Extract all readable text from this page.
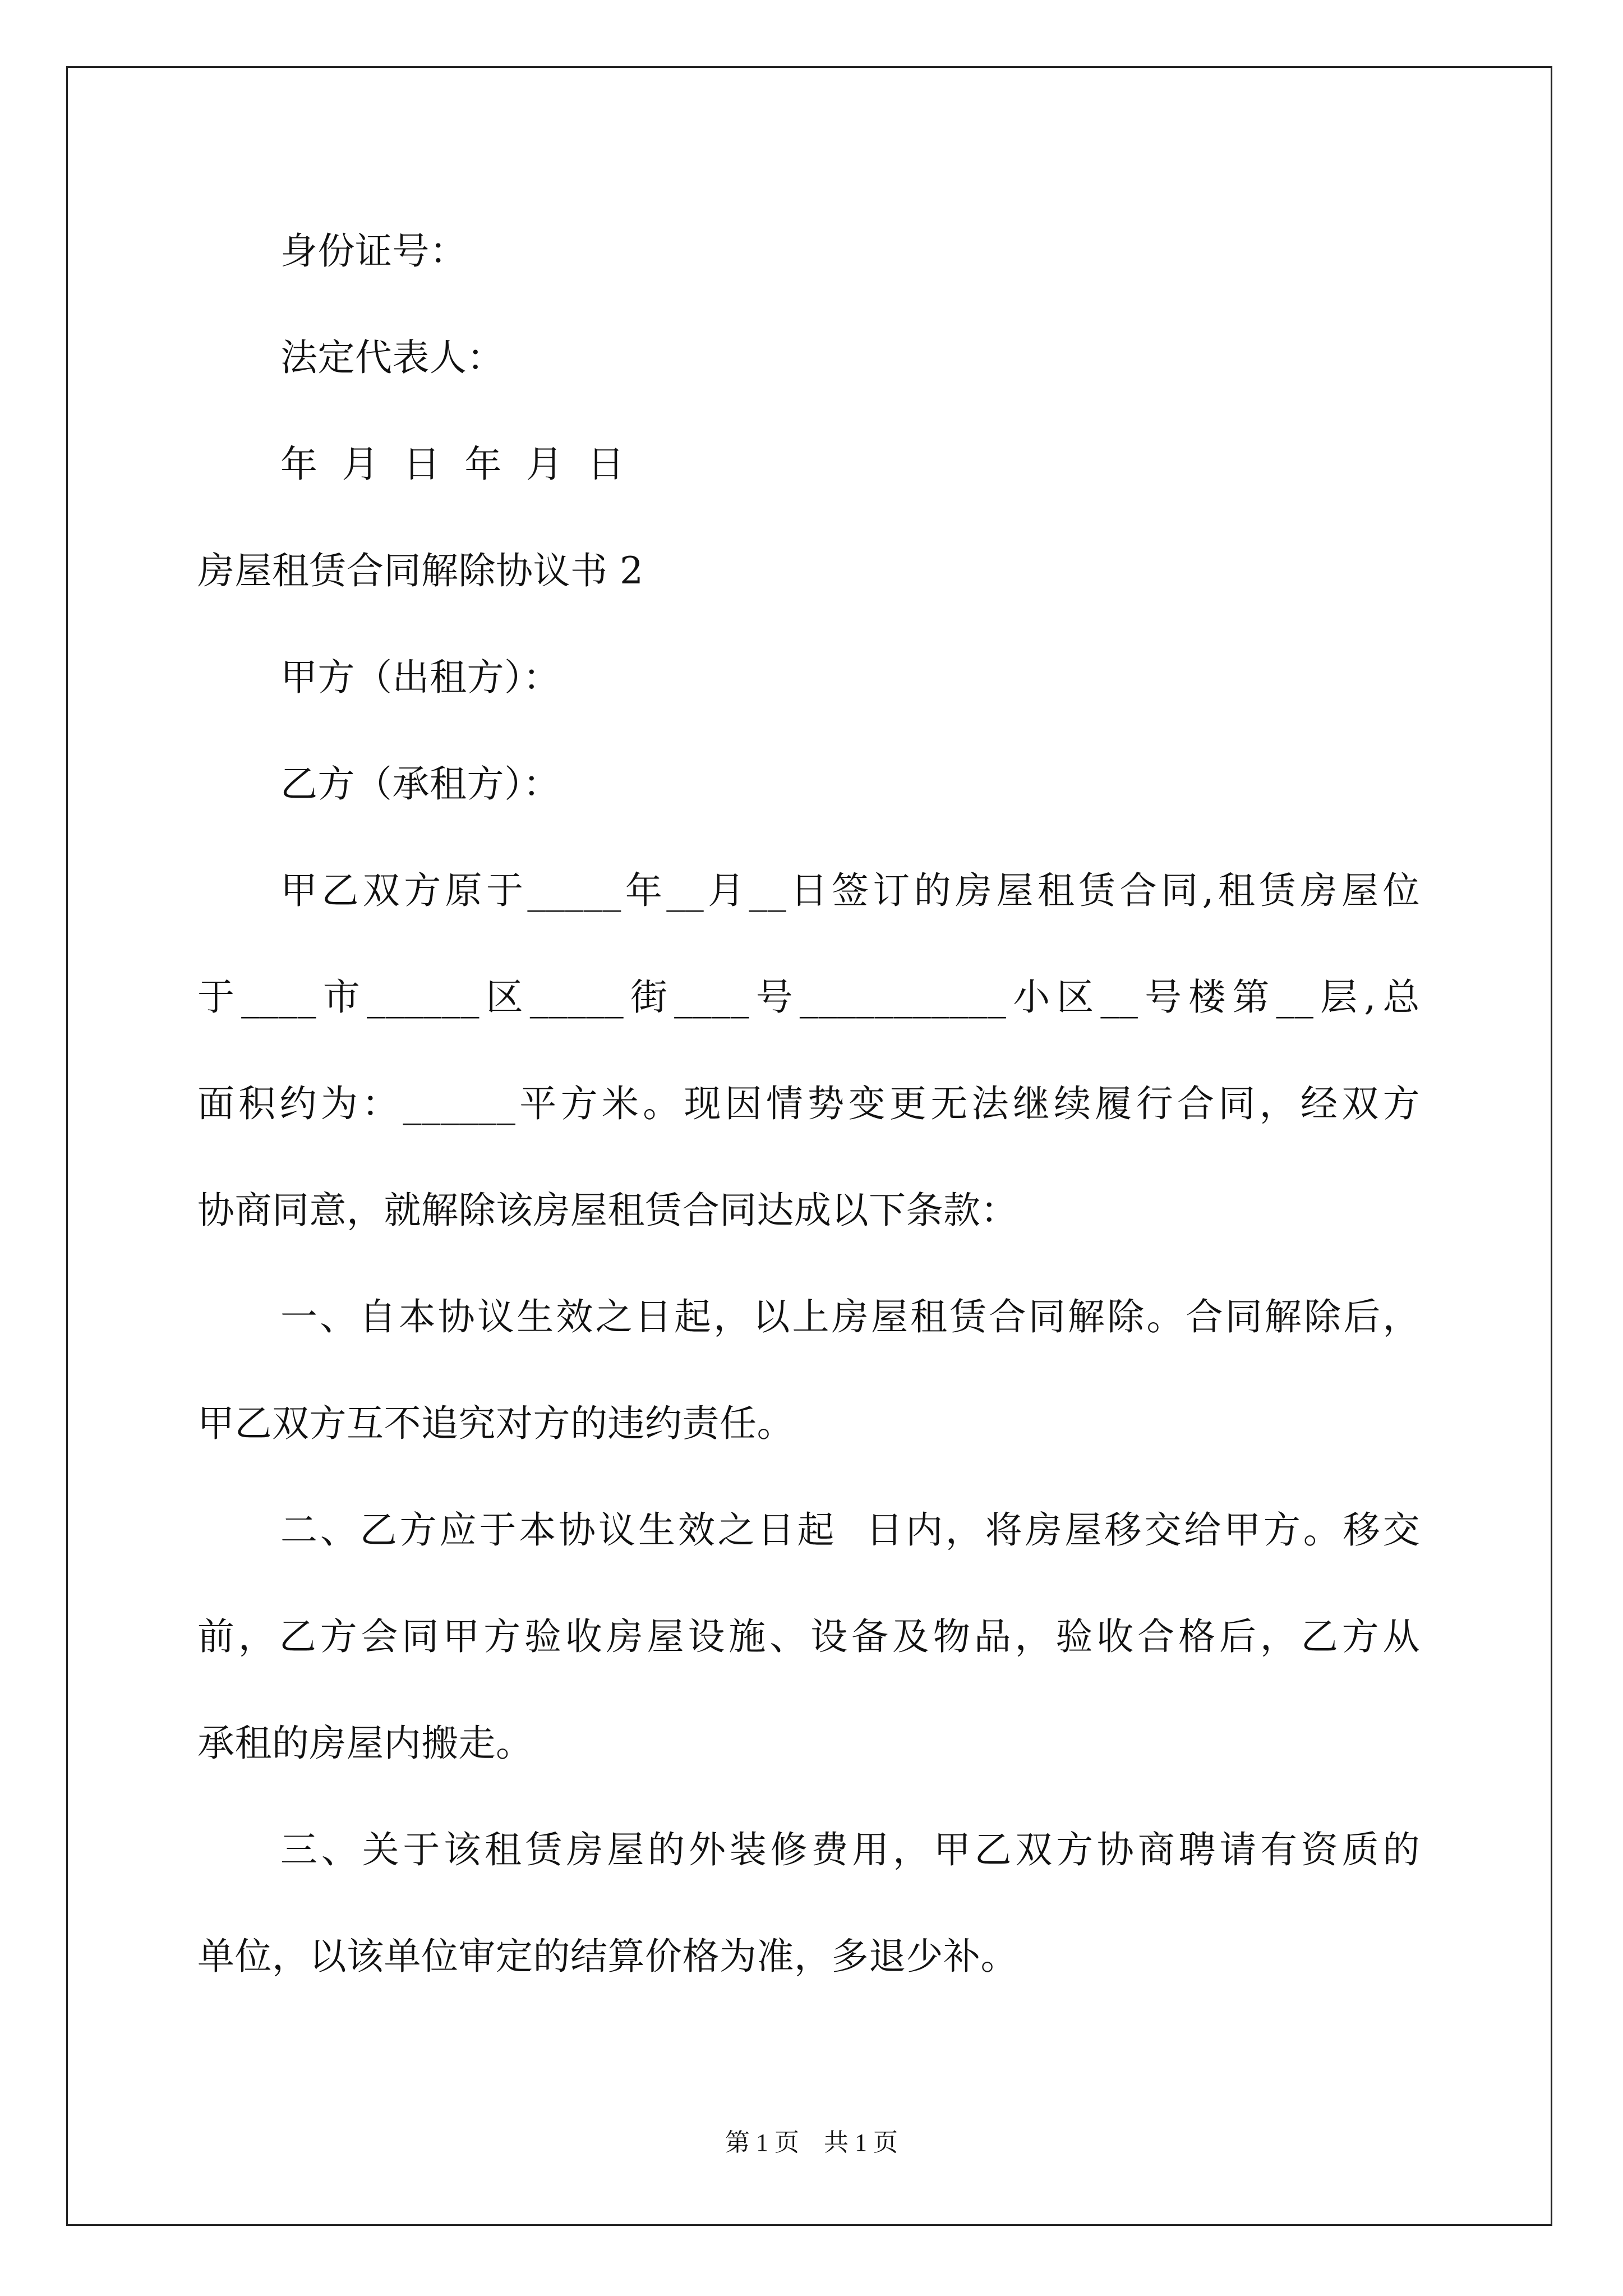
身份证号：
法定代表人：
年  月  日  年  月  日
房屋租赁合同解除协议书 2
甲方（出租方）：
乙方（承租方）：
甲乙双方原于_____年__月__日签订的房屋租赁合同,租赁房屋位
于____市______区_____街____号___________小区__号楼第__层,总
面积约为：______平方米。现因情势变更无法继续履行合同，经双方
协商同意，就解除该房屋租赁合同达成以下条款：
一、自本协议生效之日起，以上房屋租赁合同解除。合同解除后，
甲乙双方互不追究对方的违约责任。
二、乙方应于本协议生效之日起  日内，将房屋移交给甲方。移交
前，乙方会同甲方验收房屋设施、设备及物品，验收合格后，乙方从
承租的房屋内搬走。
三、关于该租赁房屋的外装修费用，甲乙双方协商聘请有资质的
单位，以该单位审定的结算价格为准，多退少补。
第 1 页　共 1 页
